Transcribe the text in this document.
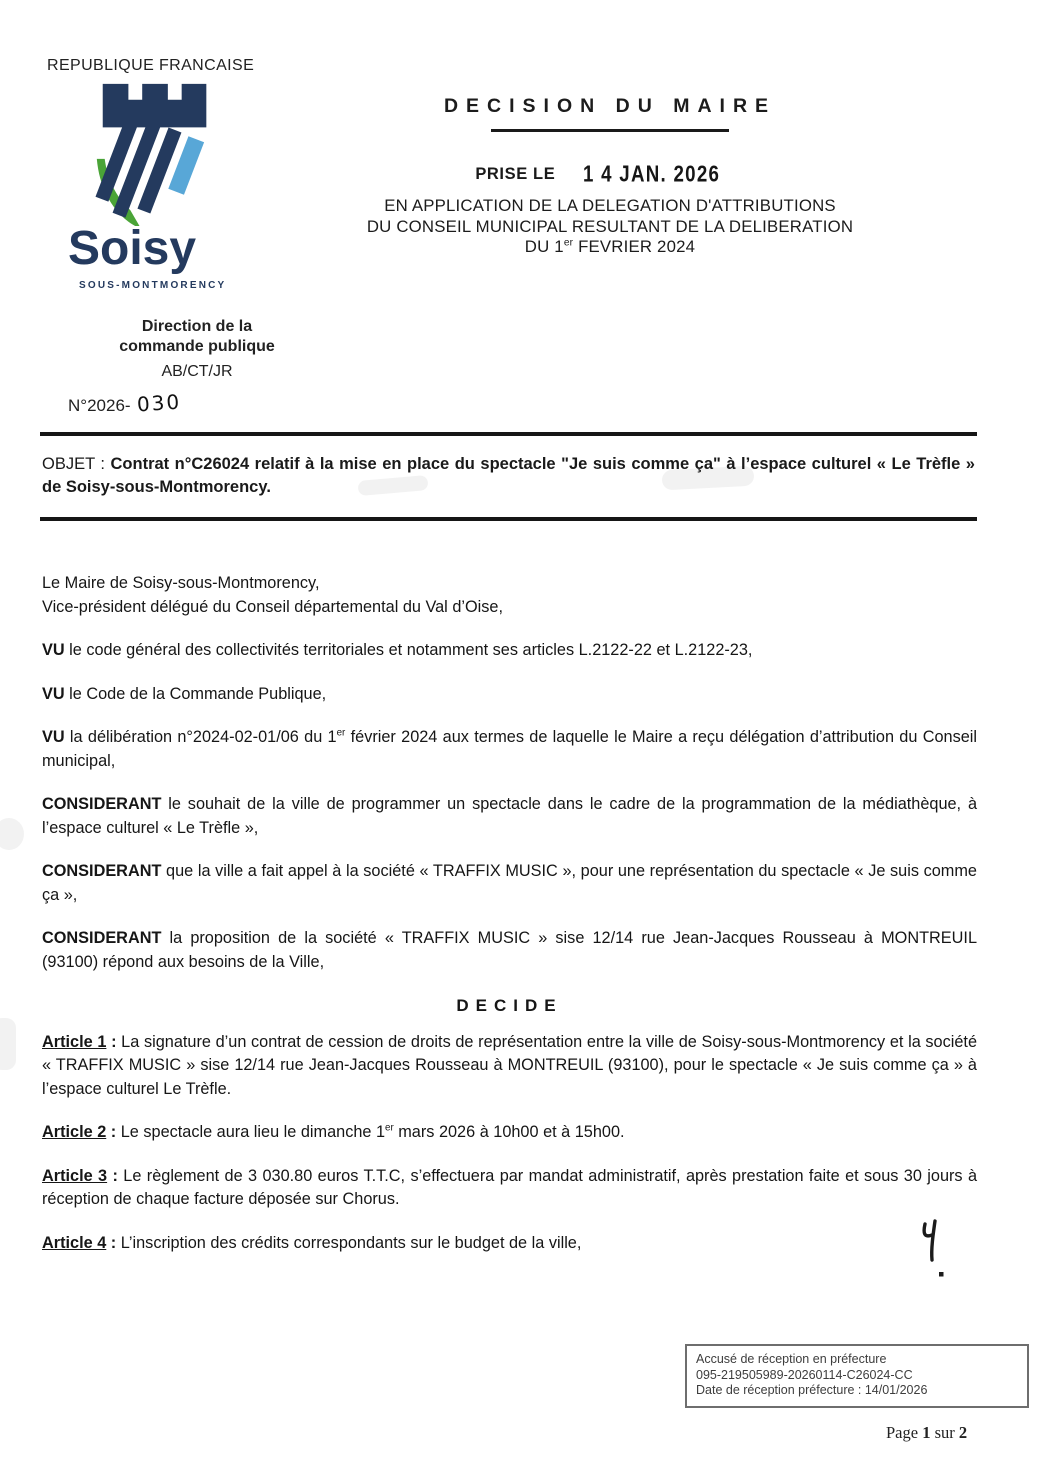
REPUBLIQUE FRANCAISE
Soisy
SOUS-MONTMORENCY
Direction de la
commande publique
AB/CT/JR
N°2026- 030
DECISION DU MAIRE
PRISE LE 1 4 JAN. 2026
EN APPLICATION DE LA DELEGATION D'ATTRIBUTIONS
DU CONSEIL MUNICIPAL RESULTANT DE LA DELIBERATION
DU 1er FEVRIER 2024
OBJET : Contrat n°C26024 relatif à la mise en place du spectacle "Je suis comme ça" à l’espace culturel « Le Trèfle » de Soisy-sous-Montmorency.

Le Maire de Soisy-sous-Montmorency,
Vice-président délégué du Conseil départemental du Val d’Oise,

VU le code général des collectivités territoriales et notamment ses articles L.2122-22 et L.2122-23,

VU le Code de la Commande Publique,

VU la délibération n°2024-02-01/06 du 1er février 2024 aux termes de laquelle le Maire a reçu délégation d’attribution du Conseil municipal,

CONSIDERANT le souhait de la ville de programmer un spectacle dans le cadre de la programmation de la médiathèque, à l’espace culturel « Le Trèfle »,

CONSIDERANT que la ville a fait appel à la société « TRAFFIX MUSIC », pour une représentation du spectacle « Je suis comme ça »,

CONSIDERANT la proposition de la société « TRAFFIX MUSIC » sise 12/14 rue Jean-Jacques Rousseau à MONTREUIL (93100) répond aux besoins de la Ville,

DECIDE

Article 1 : La signature d’un contrat de cession de droits de représentation entre la ville de Soisy-sous-Montmorency et la société « TRAFFIX MUSIC » sise 12/14 rue Jean-Jacques Rousseau à MONTREUIL (93100), pour le spectacle « Je suis comme ça » à l’espace culturel Le Trèfle.

Article 2 : Le spectacle aura lieu le dimanche 1er mars 2026 à 10h00 et à 15h00.

Article 3 : Le règlement de 3 030.80 euros T.T.C, s’effectuera par mandat administratif, après prestation faite et sous 30 jours à réception de chaque facture déposée sur Chorus.

Article 4 : L’inscription des crédits correspondants sur le budget de la ville,

Accusé de réception en préfecture
095-219505989-20260114-C26024-CC
Date de réception préfecture : 14/01/2026
Page 1 sur 2
